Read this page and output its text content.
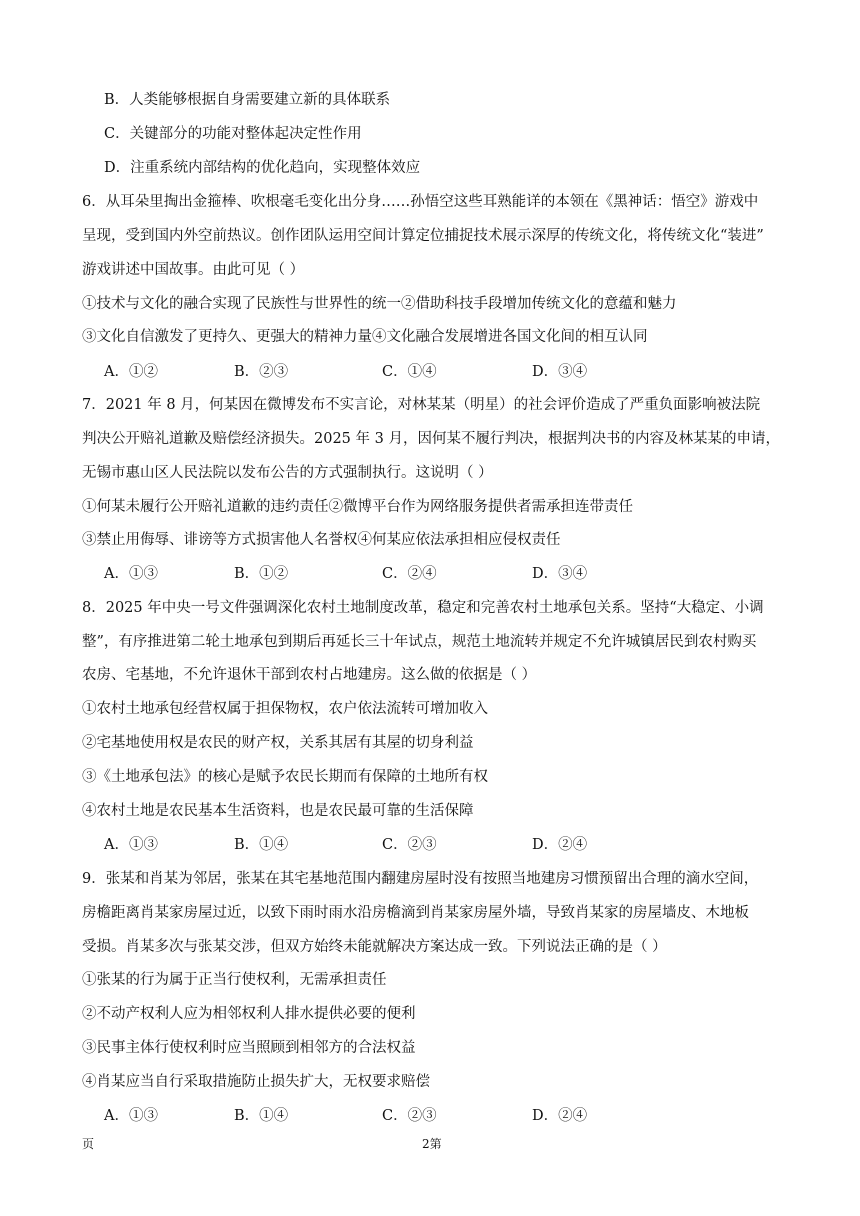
B．人类能够根据自身需要建立新的具体联系
C．关键部分的功能对整体起决定性作用
D．注重系统内部结构的优化趋向，实现整体效应
6．从耳朵里掏出金箍棒、吹根毫毛变化出分身……孙悟空这些耳熟能详的本领在《黑神话：悟空》游戏中
呈现，受到国内外空前热议。创作团队运用空间计算定位捕捉技术展示深厚的传统文化，将传统文化“装进”
游戏讲述中国故事。由此可见（ ）
①技术与文化的融合实现了民族性与世界性的统一②借助科技手段增加传统文化的意蕴和魅力
③文化自信激发了更持久、更强大的精神力量④文化融合发展增进各国文化间的相互认同
A．①②	B．②③	C．①④	D．③④
7．2021 年 8 月，何某因在微博发布不实言论，对林某某（明星）的社会评价造成了严重负面影响被法院
判决公开赔礼道歉及赔偿经济损失。2025 年 3 月，因何某不履行判决，根据判决书的内容及林某某的申请，
无锡市惠山区人民法院以发布公告的方式强制执行。这说明（ ）
①何某未履行公开赔礼道歉的违约责任②微博平台作为网络服务提供者需承担连带责任
③禁止用侮辱、诽谤等方式损害他人名誉权④何某应依法承担相应侵权责任
A．①③	B．①②	C．②④	D．③④
8．2025 年中央一号文件强调深化农村土地制度改革，稳定和完善农村土地承包关系。坚持“大稳定、小调
整”，有序推进第二轮土地承包到期后再延长三十年试点，规范土地流转并规定不允许城镇居民到农村购买
农房、宅基地，不允许退休干部到农村占地建房。这么做的依据是（ ）
①农村土地承包经营权属于担保物权，农户依法流转可增加收入
②宅基地使用权是农民的财产权，关系其居有其屋的切身利益
③《土地承包法》的核心是赋予农民长期而有保障的土地所有权
④农村土地是农民基本生活资料，也是农民最可靠的生活保障
A．①③	B．①④	C．②③	D．②④
9．张某和肖某为邻居，张某在其宅基地范围内翻建房屋时没有按照当地建房习惯预留出合理的滴水空间，
房檐距离肖某家房屋过近，以致下雨时雨水沿房檐滴到肖某家房屋外墙，导致肖某家的房屋墙皮、木地板
受损。肖某多次与张某交涉，但双方始终未能就解决方案达成一致。下列说法正确的是（ ）
①张某的行为属于正当行使权利，无需承担责任
②不动产权利人应为相邻权利人排水提供必要的便利
③民事主体行使权利时应当照顾到相邻方的合法权益
④肖某应当自行采取措施防止损失扩大，无权要求赔偿
A．①③	B．①④	C．②③	D．②④
页	2第
